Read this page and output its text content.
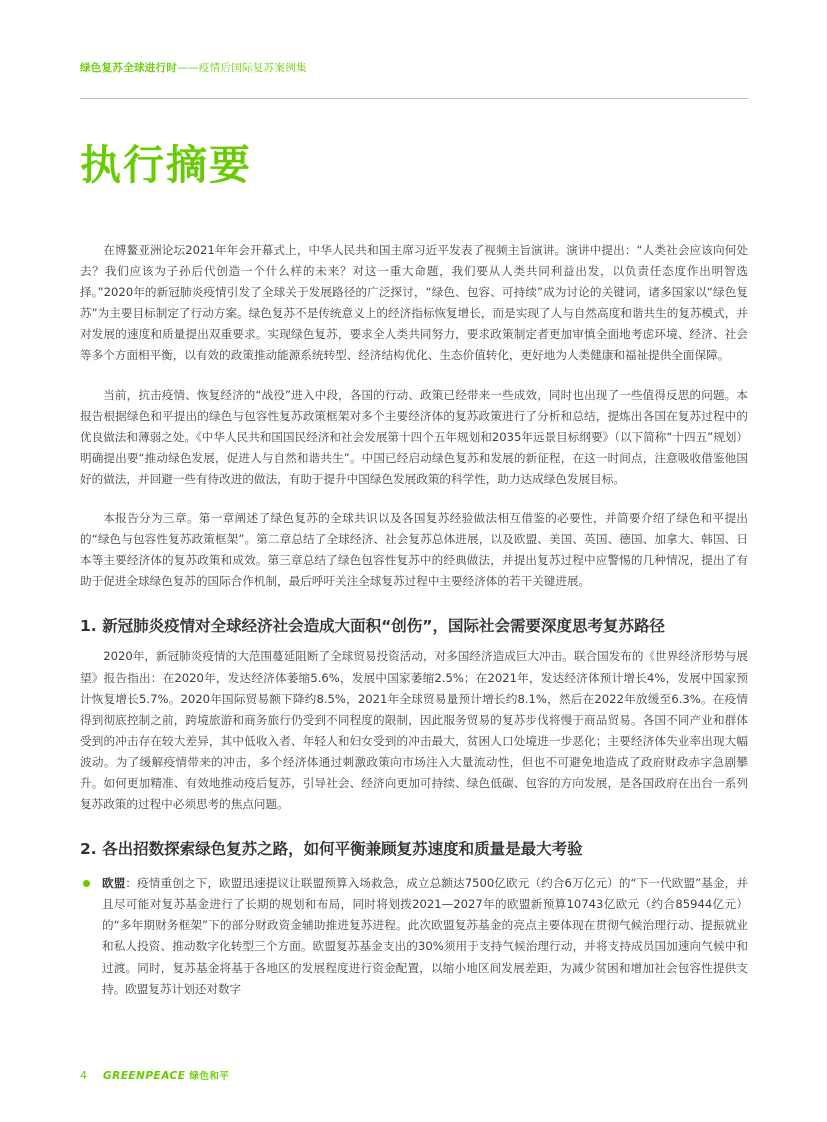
绿色复苏全球进行时——疫情后国际复苏案例集
执行摘要

在博鳌亚洲论坛2021年年会开幕式上，中华人民共和国主席习近平发表了视频主旨演讲。演讲中提出：“人类社会应该向何处去？我们应该为子孙后代创造一个什么样的未来？对这一重大命题，我们要从人类共同利益出发，以负责任态度作出明智选择。”2020年的新冠肺炎疫情引发了全球关于发展路径的广泛探讨，“绿色、包容、可持续”成为讨论的关键词，诸多国家以“绿色复苏”为主要目标制定了行动方案。绿色复苏不是传统意义上的经济指标恢复增长，而是实现了人与自然高度和谐共生的复苏模式，并对发展的速度和质量提出双重要求。实现绿色复苏，要求全人类共同努力，要求政策制定者更加审慎全面地考虑环境、经济、社会等多个方面相平衡，以有效的政策推动能源系统转型、经济结构优化、生态价值转化，更好地为人类健康和福祉提供全面保障。

当前，抗击疫情、恢复经济的“战役”进入中段，各国的行动、政策已经带来一些成效，同时也出现了一些值得反思的问题。本报告根据绿色和平提出的绿色与包容性复苏政策框架对多个主要经济体的复苏政策进行了分析和总结，提炼出各国在复苏过程中的优良做法和薄弱之处。《中华人民共和国国民经济和社会发展第十四个五年规划和2035年远景目标纲要》（以下简称“十四五”规划）明确提出要“推动绿色发展，促进人与自然和谐共生”。中国已经启动绿色复苏和发展的新征程，在这一时间点，注意吸收借鉴他国好的做法，并回避一些有待改进的做法，有助于提升中国绿色发展政策的科学性，助力达成绿色发展目标。

本报告分为三章。第一章阐述了绿色复苏的全球共识以及各国复苏经验做法相互借鉴的必要性，并简要介绍了绿色和平提出的“绿色与包容性复苏政策框架”。第二章总结了全球经济、社会复苏总体进展，以及欧盟、美国、英国、德国、加拿大、韩国、日本等主要经济体的复苏政策和成效。第三章总结了绿色包容性复苏中的经典做法，并提出复苏过程中应警惕的几种情况，提出了有助于促进全球绿色复苏的国际合作机制，最后呼吁关注全球复苏过程中主要经济体的若干关键进展。

1. 新冠肺炎疫情对全球经济社会造成大面积“创伤”，国际社会需要深度思考复苏路径

2020年，新冠肺炎疫情的大范围蔓延阻断了全球贸易投资活动，对多国经济造成巨大冲击。联合国发布的《世界经济形势与展望》报告指出：在2020年，发达经济体萎缩5.6%，发展中国家萎缩2.5%；在2021年，发达经济体预计增长4%，发展中国家预计恢复增长5.7%。2020年国际贸易额下降约8.5%，2021年全球贸易量预计增长约8.1%，然后在2022年放缓至6.3%。在疫情得到彻底控制之前，跨境旅游和商务旅行仍受到不同程度的限制，因此服务贸易的复苏步伐将慢于商品贸易。各国不同产业和群体受到的冲击存在较大差异，其中低收入者、年轻人和妇女受到的冲击最大，贫困人口处境进一步恶化；主要经济体失业率出现大幅波动。为了缓解疫情带来的冲击，多个经济体通过刺激政策向市场注入大量流动性，但也不可避免地造成了政府财政赤字急剧攀升。如何更加精准、有效地推动疫后复苏，引导社会、经济向更加可持续、绿色低碳、包容的方向发展，是各国政府在出台一系列复苏政策的过程中必须思考的焦点问题。

2. 各出招数探索绿色复苏之路，如何平衡兼顾复苏速度和质量是最大考验
欧盟：疫情重创之下，欧盟迅速提议让联盟预算入场救急，成立总额达7500亿欧元（约合6万亿元）的“下一代欧盟”基金，并且尽可能对复苏基金进行了长期的规划和布局，同时将划拨2021—2027年的欧盟新预算10743亿欧元（约合85944亿元）的“多年期财务框架”下的部分财政资金辅助推进复苏进程。此次欧盟复苏基金的亮点主要体现在贯彻气候治理行动、提振就业和私人投资、推动数字化转型三个方面。欧盟复苏基金支出的30%须用于支持气候治理行动，并将支持成员国加速向气候中和过渡。同时，复苏基金将基于各地区的发展程度进行资金配置，以缩小地区间发展差距，为减少贫困和增加社会包容性提供支持。欧盟复苏计划还对数字
4 GREENPEACE 绿色和平
